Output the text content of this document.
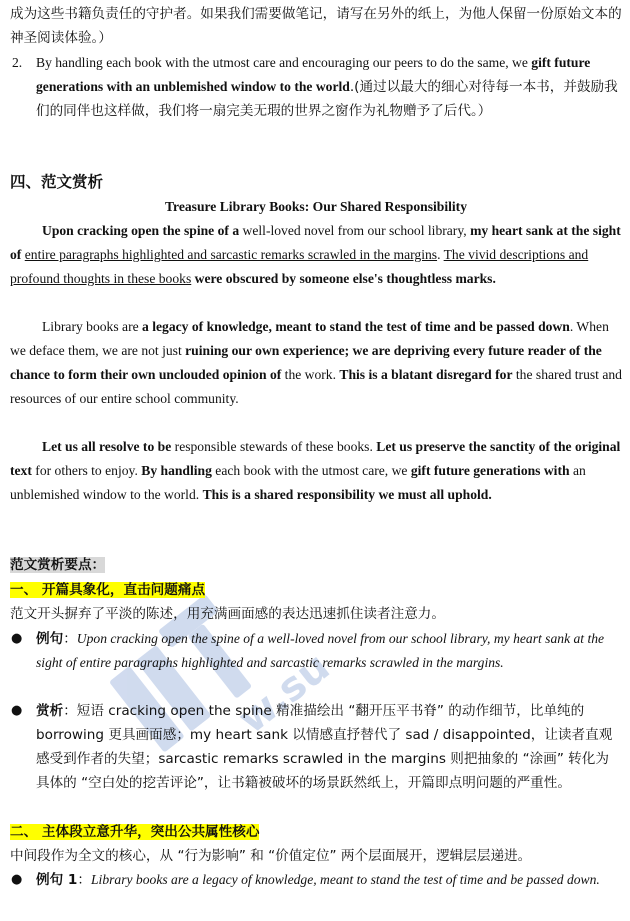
成为这些书籍负责任的守护者。如果我们需要做笔记，请写在另外的纸上，为他人保留一份原始文本的神圣阅读体验。）
2. By handling each book with the utmost care and encouraging our peers to do the same, we gift future generations with an unblemished window to the world.(通过以最大的细心对待每一本书，并鼓励我们的同伴也这样做，我们将一扇完美无瑕的世界之窗作为礼物赠予了后代。）
四、范文赏析
Treasure Library Books: Our Shared Responsibility
Upon cracking open the spine of a well-loved novel from our school library, my heart sank at the sight of entire paragraphs highlighted and sarcastic remarks scrawled in the margins. The vivid descriptions and profound thoughts in these books were obscured by someone else's thoughtless marks.
Library books are a legacy of knowledge, meant to stand the test of time and be passed down. When we deface them, we are not just ruining our own experience; we are depriving every future reader of the chance to form their own unclouded opinion of the work. This is a blatant disregard for the shared trust and resources of our entire school community.
Let us all resolve to be responsible stewards of these books. Let us preserve the sanctity of the original text for others to enjoy. By handling each book with the utmost care, we gift future generations with an unblemished window to the world. This is a shared responsibility we must all uphold.
w.su
范文赏析要点：
一、 开篇具象化，直击问题痛点
范文开头摒弃了平淡的陈述，用充满画面感的表达迅速抓住读者注意力。
● 例句：Upon cracking open the spine of a well-loved novel from our school library, my heart sank at the sight of entire paragraphs highlighted and sarcastic remarks scrawled in the margins.
● 赏析：短语 cracking open the spine 精准描绘出 “翻开压平书脊” 的动作细节，比单纯的 borrowing 更具画面感；my heart sank 以情感直抒替代了 sad / disappointed，让读者直观感受到作者的失望；sarcastic remarks scrawled in the margins 则把抽象的 “涂画” 转化为具体的 “空白处的挖苦评论”，让书籍被破坏的场景跃然纸上，开篇即点明问题的严重性。
二、 主体段立意升华，突出公共属性核心
中间段作为全文的核心，从 “行为影响” 和 “价值定位” 两个层面展开，逻辑层层递进。
● 例句 1：Library books are a legacy of knowledge, meant to stand the test of time and be passed down.
